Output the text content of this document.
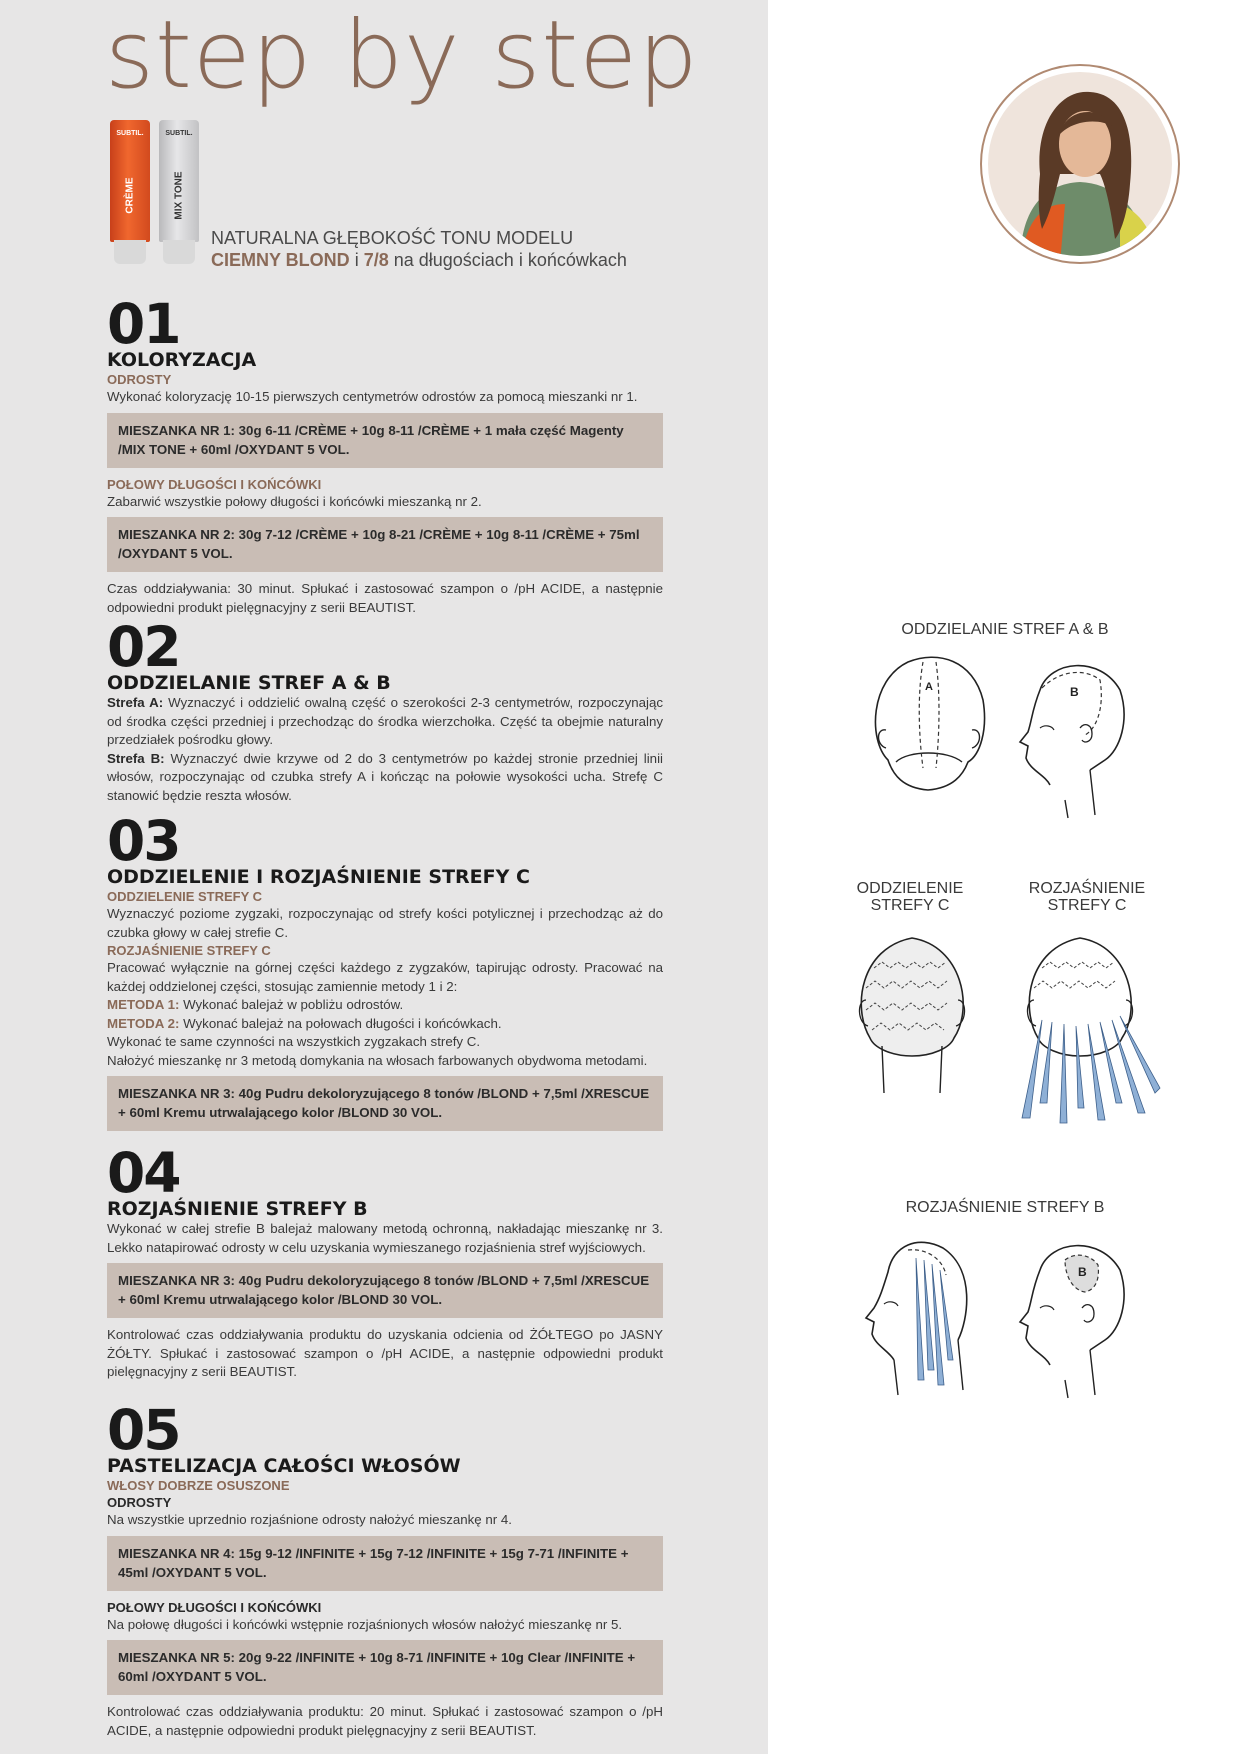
step by step
SUBTIL.
CRÈME
SUBTIL.
MIX TONE
NATURALNA GŁĘBOKOŚĆ TONU MODELU
CIEMNY BLOND i 7/8 na długościach i końcówkach
01
KOLORYZACJA
ODROSTY
Wykonać koloryzację 10-15 pierwszych centymetrów odrostów za pomocą mieszanki nr 1.
MIESZANKA NR 1: 30g 6-11 /CRÈME + 10g 8-11 /CRÈME + 1 mała część Magenty /MIX TONE + 60ml /OXYDANT 5 VOL.
POŁOWY DŁUGOŚCI I KOŃCÓWKI
Zabarwić wszystkie połowy długości i końcówki mieszanką nr 2.
MIESZANKA NR 2: 30g 7-12 /CRÈME + 10g 8-21 /CRÈME + 10g 8-11 /CRÈME + 75ml /OXYDANT 5 VOL.
Czas oddziaływania: 30 minut. Spłukać i zastosować szampon o /pH ACIDE, a następnie odpowiedni produkt pielęgnacyjny z serii BEAUTIST.
02
ODDZIELANIE STREF A & B
Strefa A: Wyznaczyć i oddzielić owalną część o szerokości 2-3 centymetrów, rozpoczynając od środka części przedniej i przechodząc do środka wierzchołka. Część ta obejmie naturalny przedziałek pośrodku głowy.
Strefa B: Wyznaczyć dwie krzywe od 2 do 3 centymetrów po każdej stronie przedniej linii włosów, rozpoczynając od czubka strefy A i kończąc na połowie wysokości ucha. Strefę C stanowić będzie reszta włosów.
03
ODDZIELENIE I ROZJAŚNIENIE STREFY C
ODDZIELENIE STREFY C
Wyznaczyć poziome zygzaki, rozpoczynając od strefy kości potylicznej i przechodząc aż do czubka głowy w całej strefie C.
ROZJAŚNIENIE STREFY C
Pracować wyłącznie na górnej części każdego z zygzaków, tapirując odrosty. Pracować na każdej oddzielonej części, stosując zamiennie metody 1 i 2:
METODA 1: Wykonać balejaż w pobliżu odrostów.
METODA 2: Wykonać balejaż na połowach długości i końcówkach.
Wykonać te same czynności na wszystkich zygzakach strefy C.
Nałożyć mieszankę nr 3 metodą domykania na włosach farbowanych obydwoma metodami.
MIESZANKA NR 3: 40g Pudru dekoloryzującego 8 tonów /BLOND + 7,5ml /XRESCUE + 60ml Kremu utrwalającego kolor /BLOND 30 VOL.
04
ROZJAŚNIENIE STREFY B
Wykonać w całej strefie B balejaż malowany metodą ochronną, nakładając mieszankę nr 3. Lekko natapirować odrosty w celu uzyskania wymieszanego rozjaśnienia stref wyjściowych.
MIESZANKA NR 3: 40g Pudru dekoloryzującego 8 tonów /BLOND + 7,5ml /XRESCUE + 60ml Kremu utrwalającego kolor /BLOND 30 VOL.
Kontrolować czas oddziaływania produktu do uzyskania odcienia od ŻÓŁTEGO po JASNY ŻÓŁTY. Spłukać i zastosować szampon o /pH ACIDE, a następnie odpowiedni produkt pielęgnacyjny z serii BEAUTIST.
05
PASTELIZACJA CAŁOŚCI WŁOSÓW
WŁOSY DOBRZE OSUSZONE
ODROSTY
Na wszystkie uprzednio rozjaśnione odrosty nałożyć mieszankę nr 4.
MIESZANKA NR 4: 15g 9-12 /INFINITE + 15g 7-12 /INFINITE + 15g 7-71 /INFINITE + 45ml /OXYDANT 5 VOL.
POŁOWY DŁUGOŚCI I KOŃCÓWKI
Na połowę długości i końcówki wstępnie rozjaśnionych włosów nałożyć mieszankę nr 5.
MIESZANKA NR 5: 20g 9-22 /INFINITE + 10g 8-71 /INFINITE + 10g Clear /INFINITE + 60ml /OXYDANT 5 VOL.
Kontrolować czas oddziaływania produktu: 20 minut. Spłukać i zastosować szampon o /pH ACIDE, a następnie odpowiedni produkt pielęgnacyjny z serii BEAUTIST.
ODDZIELANIE STREF A & B
A	B
ODDZIELENIE STREFY C
ROZJAŚNIENIE STREFY C
ROZJAŚNIENIE STREFY B
B
